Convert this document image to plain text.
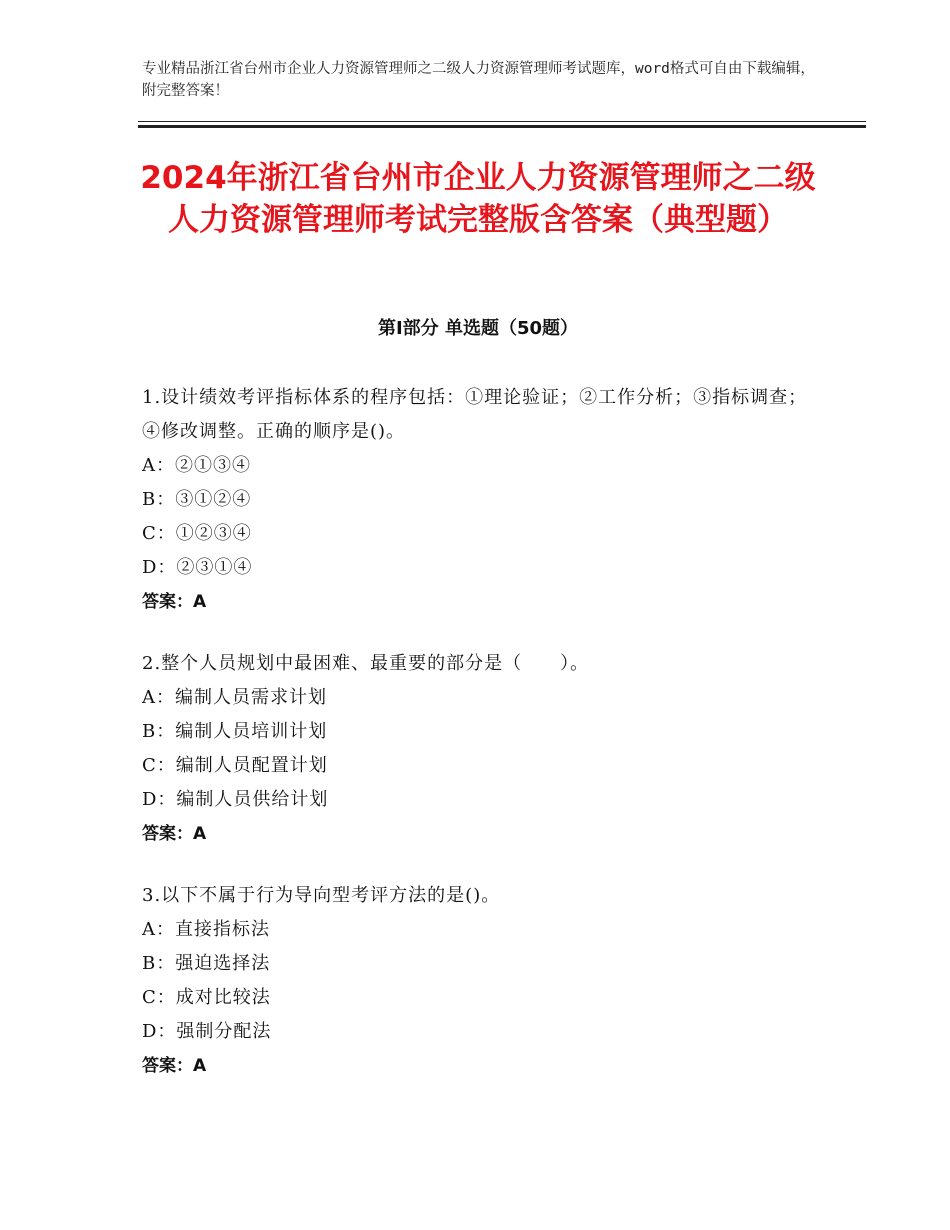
专业精品浙江省台州市企业人力资源管理师之二级人力资源管理师考试题库，word格式可自由下载编辑，附完整答案！
2024年浙江省台州市企业人力资源管理师之二级人力资源管理师考试完整版含答案（典型题）
第Ⅰ部分 单选题（50题）
1.设计绩效考评指标体系的程序包括：①理论验证；②工作分析；③指标调查；④修改调整。正确的顺序是()。
A：②①③④
B：③①②④
C：①②③④
D：②③①④
答案：A
2.整个人员规划中最困难、最重要的部分是（　　）。
A：编制人员需求计划
B：编制人员培训计划
C：编制人员配置计划
D：编制人员供给计划
答案：A
3.以下不属于行为导向型考评方法的是()。
A：直接指标法
B：强迫选择法
C：成对比较法
D：强制分配法
答案：A
